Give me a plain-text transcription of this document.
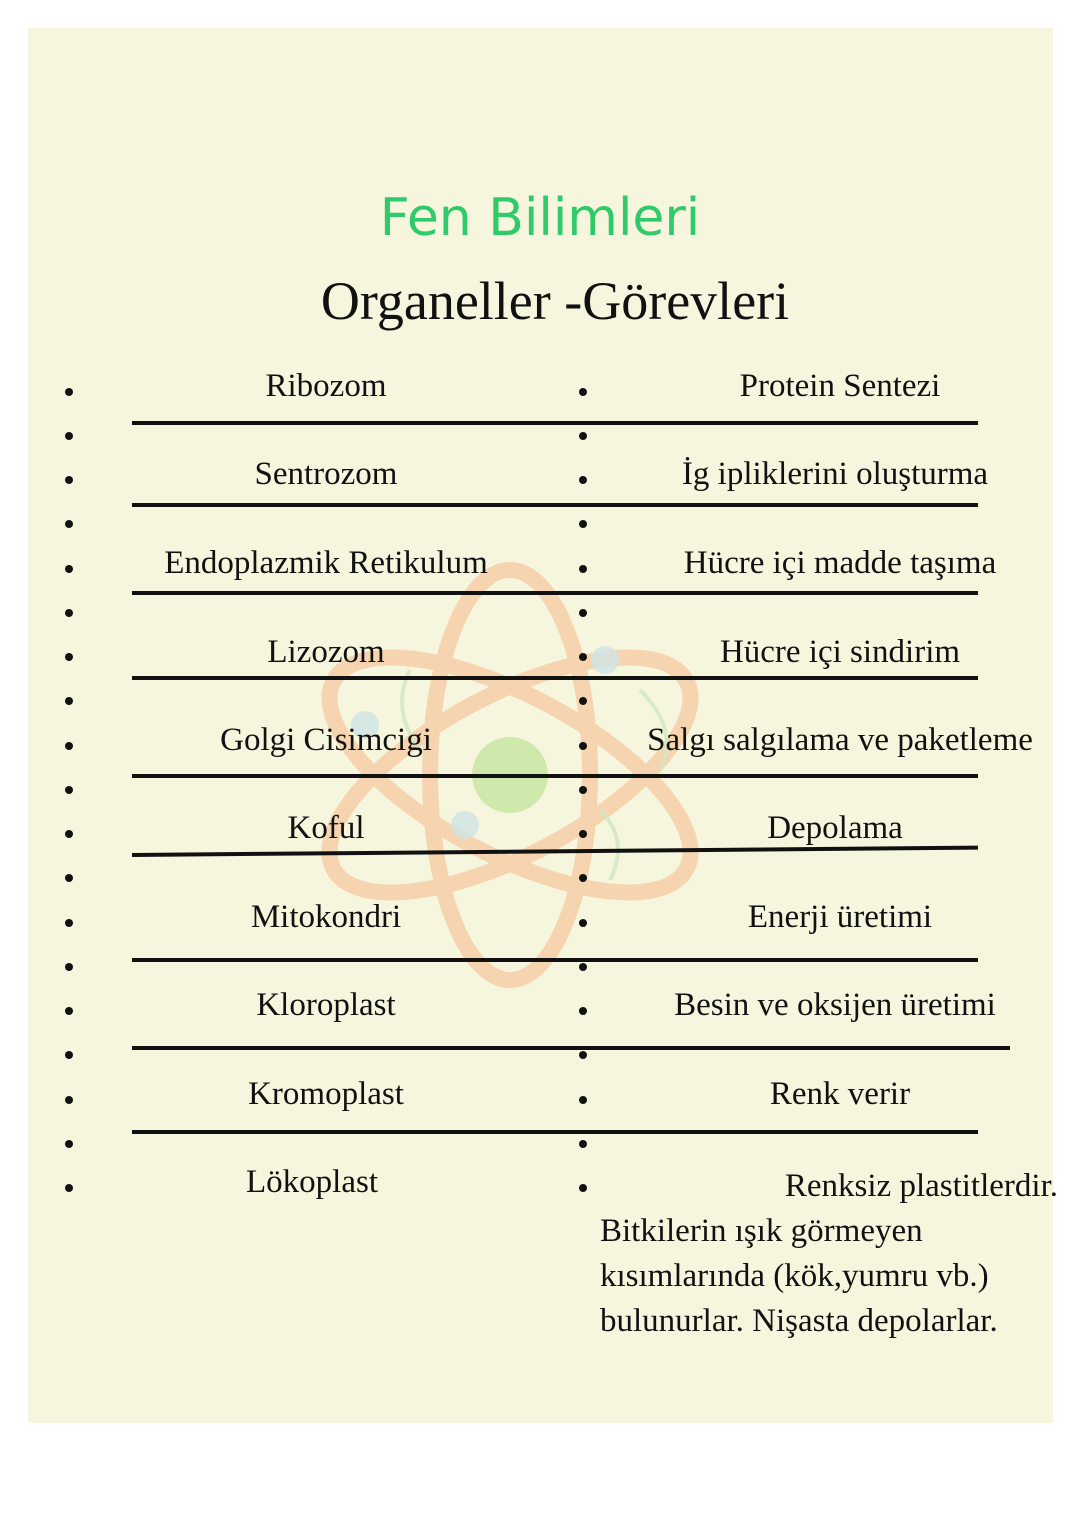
Fen Bilimleri
Organeller -Görevleri
Ribozom
Sentrozom
Endoplazmik Retikulum
Lizozom
Golgi Cisimcigi
Koful
Mitokondri
Kloroplast
Kromoplast
Lökoplast
Protein Sentezi
İg ipliklerini oluşturma
Hücre içi madde taşıma
Hücre içi sindirim
Salgı salgılama ve paketleme
Depolama
Enerji üretimi
Besin ve oksijen üretimi
Renk verir
Renksiz plastitlerdir.
Bitkilerin ışık görmeyen
kısımlarında (kök,yumru vb.)
bulunurlar. Nişasta depolarlar.
